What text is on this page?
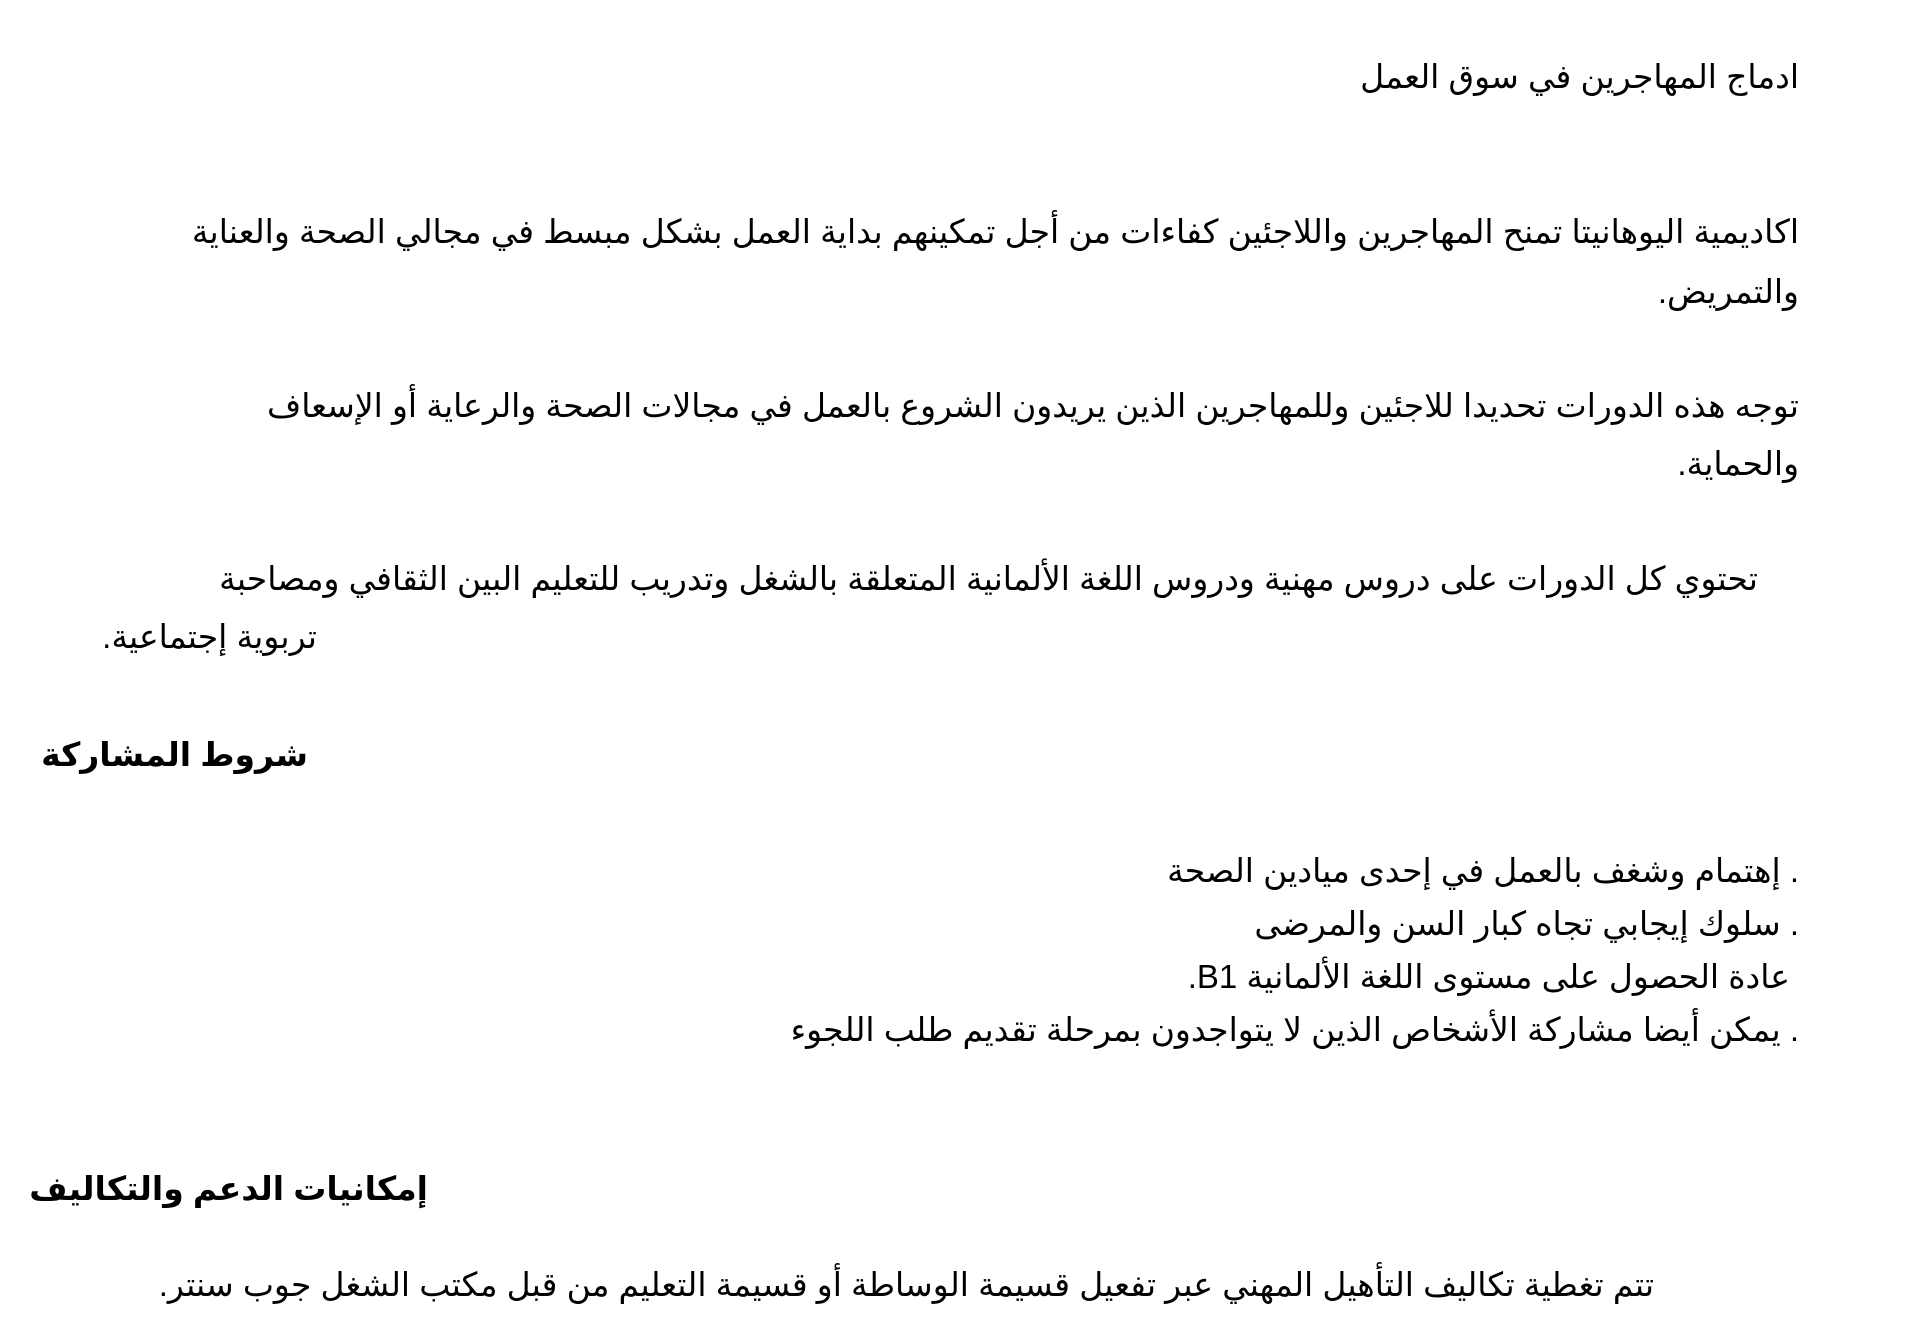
ادماج المهاجرين في سوق العمل
اكاديمية اليوهانيتا تمنح المهاجرين واللاجئين كفاءات من أجل تمكينهم بداية العمل بشكل مبسط في مجالي الصحة والعناية
والتمريض.
توجه هذه الدورات تحديدا للاجئين وللمهاجرين الذين يريدون الشروع بالعمل في مجالات الصحة والرعاية أو الإسعاف
والحماية.
تحتوي كل الدورات على دروس مهنية ودروس اللغة الألمانية المتعلقة بالشغل وتدريب للتعليم البين الثقافي ومصاحبة
تربوية إجتماعية.
شروط المشاركة
. إهتمام وشغف بالعمل في إحدى ميادين الصحة
. سلوك إيجابي تجاه كبار السن والمرضى
عادة الحصول على مستوى اللغة الألمانية B1.
. يمكن أيضا مشاركة الأشخاص الذين لا يتواجدون بمرحلة تقديم طلب اللجوء
إمكانيات الدعم والتكاليف
تتم تغطية تكاليف التأهيل المهني عبر تفعيل قسيمة الوساطة أو قسيمة التعليم من قبل مكتب الشغل جوب سنتر.
